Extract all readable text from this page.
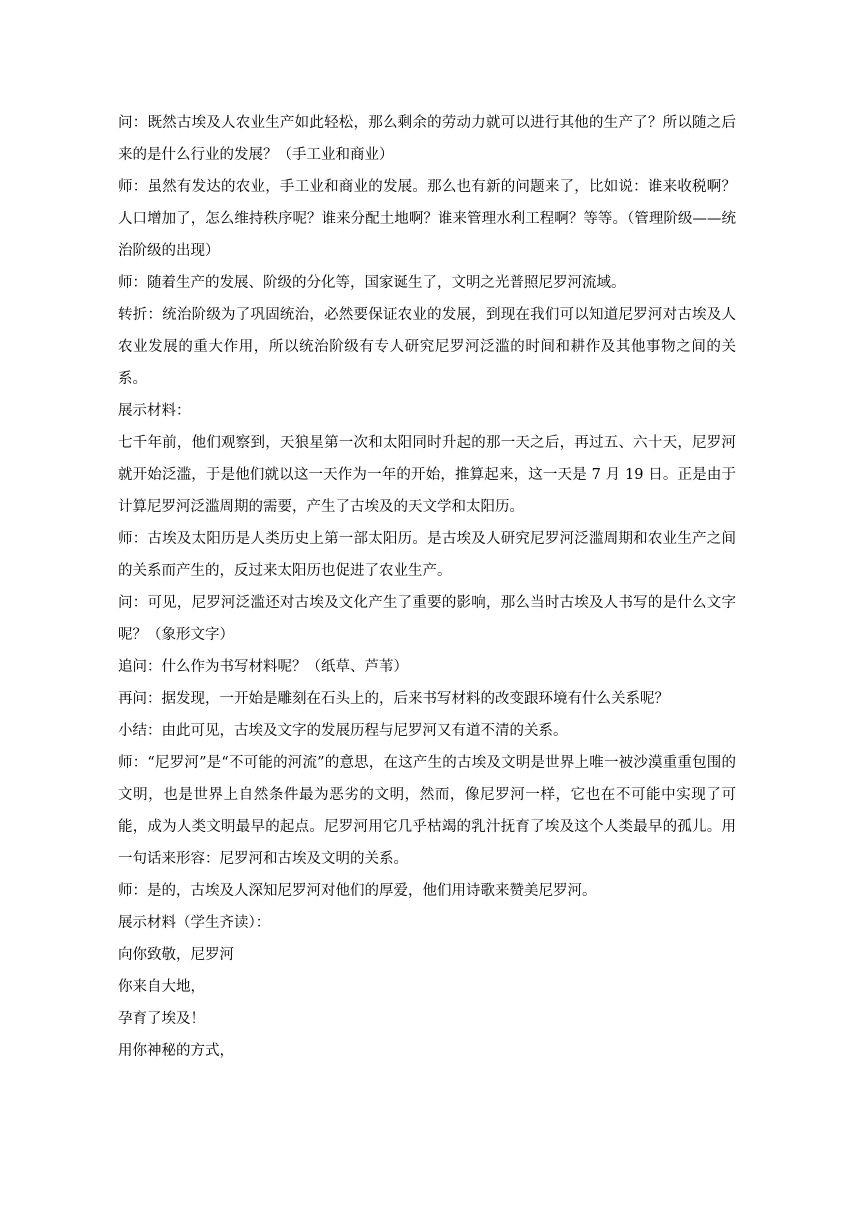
问：既然古埃及人农业生产如此轻松，那么剩余的劳动力就可以进行其他的生产了？所以随之后来的是什么行业的发展？（手工业和商业）

师：虽然有发达的农业，手工业和商业的发展。那么也有新的问题来了，比如说：谁来收税啊？人口增加了，怎么维持秩序呢？谁来分配土地啊？谁来管理水利工程啊？等等。（管理阶级——统治阶级的出现）

师：随着生产的发展、阶级的分化等，国家诞生了，文明之光普照尼罗河流域。

转折：统治阶级为了巩固统治，必然要保证农业的发展，到现在我们可以知道尼罗河对古埃及人农业发展的重大作用，所以统治阶级有专人研究尼罗河泛滥的时间和耕作及其他事物之间的关系。

展示材料：

七千年前，他们观察到，天狼星第一次和太阳同时升起的那一天之后，再过五、六十天，尼罗河就开始泛滥，于是他们就以这一天作为一年的开始，推算起来，这一天是 7 月 19 日。正是由于计算尼罗河泛滥周期的需要，产生了古埃及的天文学和太阳历。

师：古埃及太阳历是人类历史上第一部太阳历。是古埃及人研究尼罗河泛滥周期和农业生产之间的关系而产生的，反过来太阳历也促进了农业生产。

问：可见，尼罗河泛滥还对古埃及文化产生了重要的影响，那么当时古埃及人书写的是什么文字呢？（象形文字）

追问：什么作为书写材料呢？（纸草、芦苇）

再问：据发现，一开始是雕刻在石头上的，后来书写材料的改变跟环境有什么关系呢？

小结：由此可见，古埃及文字的发展历程与尼罗河又有道不清的关系。

师：“尼罗河”是“不可能的河流”的意思，在这产生的古埃及文明是世界上唯一被沙漠重重包围的文明，也是世界上自然条件最为恶劣的文明，然而，像尼罗河一样，它也在不可能中实现了可能，成为人类文明最早的起点。尼罗河用它几乎枯竭的乳汁抚育了埃及这个人类最早的孤儿。用一句话来形容：尼罗河和古埃及文明的关系。

师：是的，古埃及人深知尼罗河对他们的厚爱，他们用诗歌来赞美尼罗河。

展示材料（学生齐读）：

向你致敬，尼罗河

你来自大地，

孕育了埃及！

用你神秘的方式，
